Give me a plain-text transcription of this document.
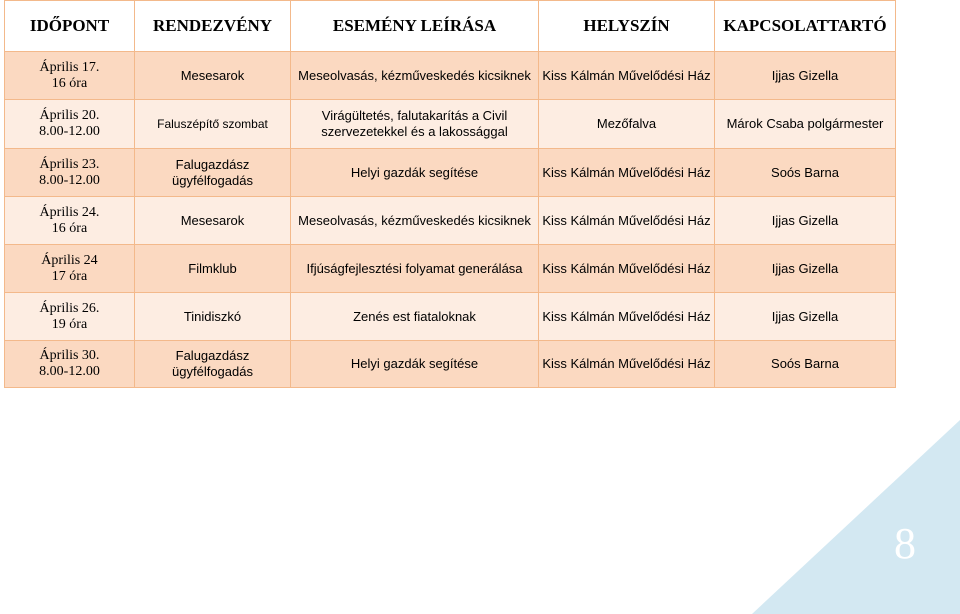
IDŐPONT	RENDEZVÉNY	ESEMÉNY LEÍRÁSA	HELYSZÍN	KAPCSOLATTARTÓ

Április 17.
16 óra	Mesesarok	Meseolvasás, kézműveskedés kicsiknek	Kiss Kálmán Művelődési Ház	Ijjas Gizella

Április 20.
8.00-12.00	Faluszépítő szombat	Virágültetés, falutakarítás a Civil
szervezetekkel és a lakossággal	Mezőfalva	Márok Csaba polgármester

Április 23.
8.00-12.00	Falugazdász
ügyfélfogadás	Helyi gazdák segítése	Kiss Kálmán Művelődési Ház	Soós Barna

Április 24.
16 óra	Mesesarok	Meseolvasás, kézműveskedés kicsiknek	Kiss Kálmán Művelődési Ház	Ijjas Gizella

Április 24
17 óra	Filmklub	Ifjúságfejlesztési folyamat generálása	Kiss Kálmán Művelődési Ház	Ijjas Gizella

Április 26.
19 óra	Tinidiszkó	Zenés est fiataloknak	Kiss Kálmán Művelődési Ház	Ijjas Gizella

Április 30.
8.00-12.00	Falugazdász
ügyfélfogadás	Helyi gazdák segítése	Kiss Kálmán Művelődési Ház	Soós Barna
8
